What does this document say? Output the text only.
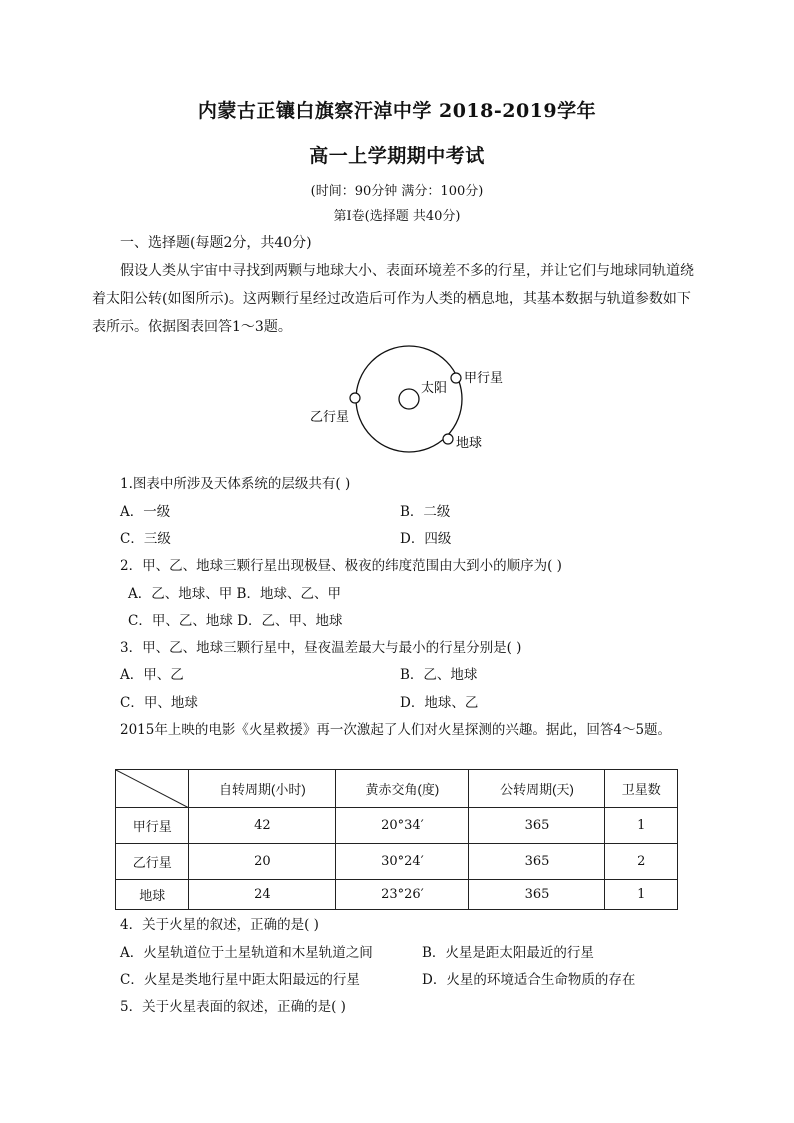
内蒙古正镶白旗察汗淖中学 2018-2019学年
高一上学期期中考试
(时间：90分钟 满分：100分)
第Ⅰ卷(选择题 共40分)
一、选择题(每题2分，共40分)
假设人类从宇宙中寻找到两颗与地球大小、表面环境差不多的行星，并让它们与地球同轨道绕
着太阳公转(如图所示)。这两颗行星经过改造后可作为人类的栖息地，其基本数据与轨道参数如下
表所示。依据图表回答1～3题。
太阳
甲行星
乙行星
地球
1.图表中所涉及天体系统的层级共有( )
A．一级	B．二级
C．三级	D．四级
2．甲、乙、地球三颗行星出现极昼、极夜的纬度范围由大到小的顺序为( )
A．乙、地球、甲 B．地球、乙、甲
C．甲、乙、地球 D．乙、甲、地球
3．甲、乙、地球三颗行星中，昼夜温差最大与最小的行星分别是( )
A．甲、乙	B．乙、地球
C．甲、地球	D．地球、乙
2015年上映的电影《火星救援》再一次激起了人们对火星探测的兴趣。据此，回答4～5题。
	自转周期(小时)	黄赤交角(度)	公转周期(天)	卫星数
甲行星	42	20°34′	365	1
乙行星	20	30°24′	365	2
地球	24	23°26′	365	1
4．关于火星的叙述，正确的是( )
A．火星轨道位于土星轨道和木星轨道之间	B．火星是距太阳最近的行星
C．火星是类地行星中距太阳最远的行星	D．火星的环境适合生命物质的存在
5．关于火星表面的叙述，正确的是( )
